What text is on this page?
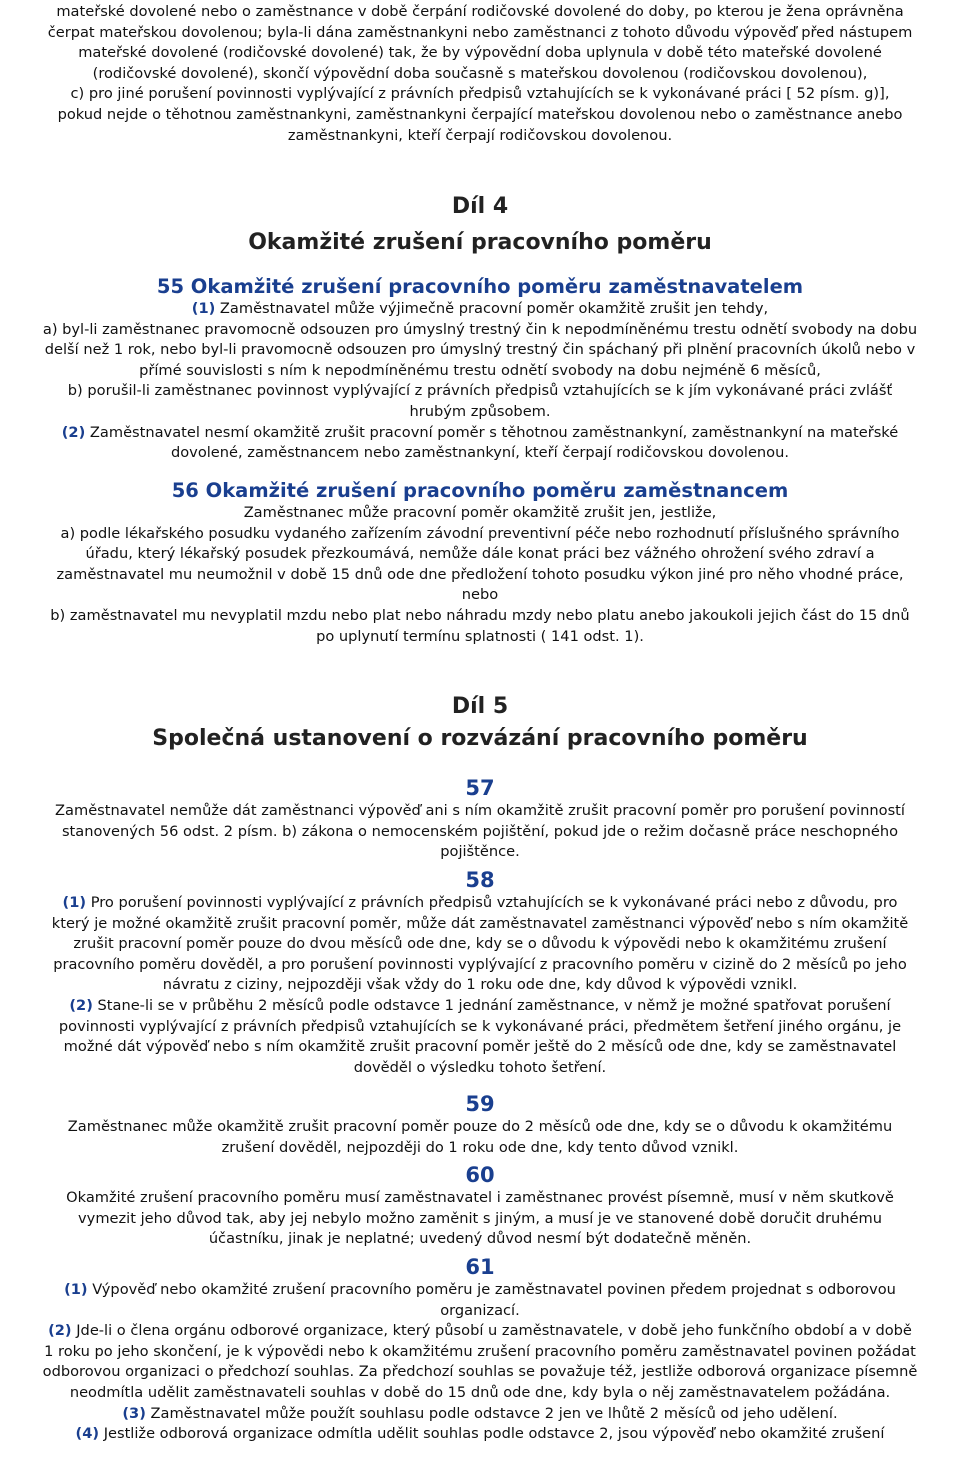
mateřské dovolené nebo o zaměstnance v době čerpání rodičovské dovolené do doby, po kterou je žena oprávněna
čerpat mateřskou dovolenou; byla-li dána zaměstnankyni nebo zaměstnanci z tohoto důvodu výpověď před nástupem
mateřské dovolené (rodičovské dovolené) tak, že by výpovědní doba uplynula v době této mateřské dovolené
(rodičovské dovolené), skončí výpovědní doba současně s mateřskou dovolenou (rodičovskou dovolenou),
c) pro jiné porušení povinnosti vyplývající z právních předpisů vztahujících se k vykonávané práci [ 52 písm. g)],
pokud nejde o těhotnou zaměstnankyni, zaměstnankyni čerpající mateřskou dovolenou nebo o zaměstnance anebo
zaměstnankyni, kteří čerpají rodičovskou dovolenou.
Díl 4
Okamžité zrušení pracovního poměru
55 Okamžité zrušení pracovního poměru zaměstnavatelem
(1) Zaměstnavatel může výjimečně pracovní poměr okamžitě zrušit jen tehdy,
a) byl-li zaměstnanec pravomocně odsouzen pro úmyslný trestný čin k nepodmíněnému trestu odnětí svobody na dobu
delší než 1 rok, nebo byl-li pravomocně odsouzen pro úmyslný trestný čin spáchaný při plnění pracovních úkolů nebo v
přímé souvislosti s ním k nepodmíněnému trestu odnětí svobody na dobu nejméně 6 měsíců,
b) porušil-li zaměstnanec povinnost vyplývající z právních předpisů vztahujících se k jím vykonávané práci zvlášť
hrubým způsobem.
(2) Zaměstnavatel nesmí okamžitě zrušit pracovní poměr s těhotnou zaměstnankyní, zaměstnankyní na mateřské
dovolené, zaměstnancem nebo zaměstnankyní, kteří čerpají rodičovskou dovolenou.
56 Okamžité zrušení pracovního poměru zaměstnancem
Zaměstnanec může pracovní poměr okamžitě zrušit jen, jestliže,
a) podle lékařského posudku vydaného zařízením závodní preventivní péče nebo rozhodnutí příslušného správního
úřadu, který lékařský posudek přezkoumává, nemůže dále konat práci bez vážného ohrožení svého zdraví a
zaměstnavatel mu neumožnil v době 15 dnů ode dne předložení tohoto posudku výkon jiné pro něho vhodné práce,
nebo
b) zaměstnavatel mu nevyplatil mzdu nebo plat nebo náhradu mzdy nebo platu anebo jakoukoli jejich část do 15 dnů
po uplynutí termínu splatnosti ( 141 odst. 1).
Díl 5
Společná ustanovení o rozvázání pracovního poměru
57
Zaměstnavatel nemůže dát zaměstnanci výpověď ani s ním okamžitě zrušit pracovní poměr pro porušení povinností
stanovených 56 odst. 2 písm. b) zákona o nemocenském pojištění, pokud jde o režim dočasně práce neschopného
pojištěnce.
58
(1) Pro porušení povinnosti vyplývající z právních předpisů vztahujících se k vykonávané práci nebo z důvodu, pro
který je možné okamžitě zrušit pracovní poměr, může dát zaměstnavatel zaměstnanci výpověď nebo s ním okamžitě
zrušit pracovní poměr pouze do dvou měsíců ode dne, kdy se o důvodu k výpovědi nebo k okamžitému zrušení
pracovního poměru dověděl, a pro porušení povinnosti vyplývající z pracovního poměru v cizině do 2 měsíců po jeho
návratu z ciziny, nejpozději však vždy do 1 roku ode dne, kdy důvod k výpovědi vznikl.
(2) Stane-li se v průběhu 2 měsíců podle odstavce 1 jednání zaměstnance, v němž je možné spatřovat porušení
povinnosti vyplývající z právních předpisů vztahujících se k vykonávané práci, předmětem šetření jiného orgánu, je
možné dát výpověď nebo s ním okamžitě zrušit pracovní poměr ještě do 2 měsíců ode dne, kdy se zaměstnavatel
dověděl o výsledku tohoto šetření.
59
Zaměstnanec může okamžitě zrušit pracovní poměr pouze do 2 měsíců ode dne, kdy se o důvodu k okamžitému
zrušení dověděl, nejpozději do 1 roku ode dne, kdy tento důvod vznikl.
60
Okamžité zrušení pracovního poměru musí zaměstnavatel i zaměstnanec provést písemně, musí v něm skutkově
vymezit jeho důvod tak, aby jej nebylo možno zaměnit s jiným, a musí je ve stanovené době doručit druhému
účastníku, jinak je neplatné; uvedený důvod nesmí být dodatečně měněn.
61
(1) Výpověď nebo okamžité zrušení pracovního poměru je zaměstnavatel povinen předem projednat s odborovou
organizací.
(2) Jde-li o člena orgánu odborové organizace, který působí u zaměstnavatele, v době jeho funkčního období a v době
1 roku po jeho skončení, je k výpovědi nebo k okamžitému zrušení pracovního poměru zaměstnavatel povinen požádat
odborovou organizaci o předchozí souhlas. Za předchozí souhlas se považuje též, jestliže odborová organizace písemně
neodmítla udělit zaměstnavateli souhlas v době do 15 dnů ode dne, kdy byla o něj zaměstnavatelem požádána.
(3) Zaměstnavatel může použít souhlasu podle odstavce 2 jen ve lhůtě 2 měsíců od jeho udělení.
(4) Jestliže odborová organizace odmítla udělit souhlas podle odstavce 2, jsou výpověď nebo okamžité zrušení
